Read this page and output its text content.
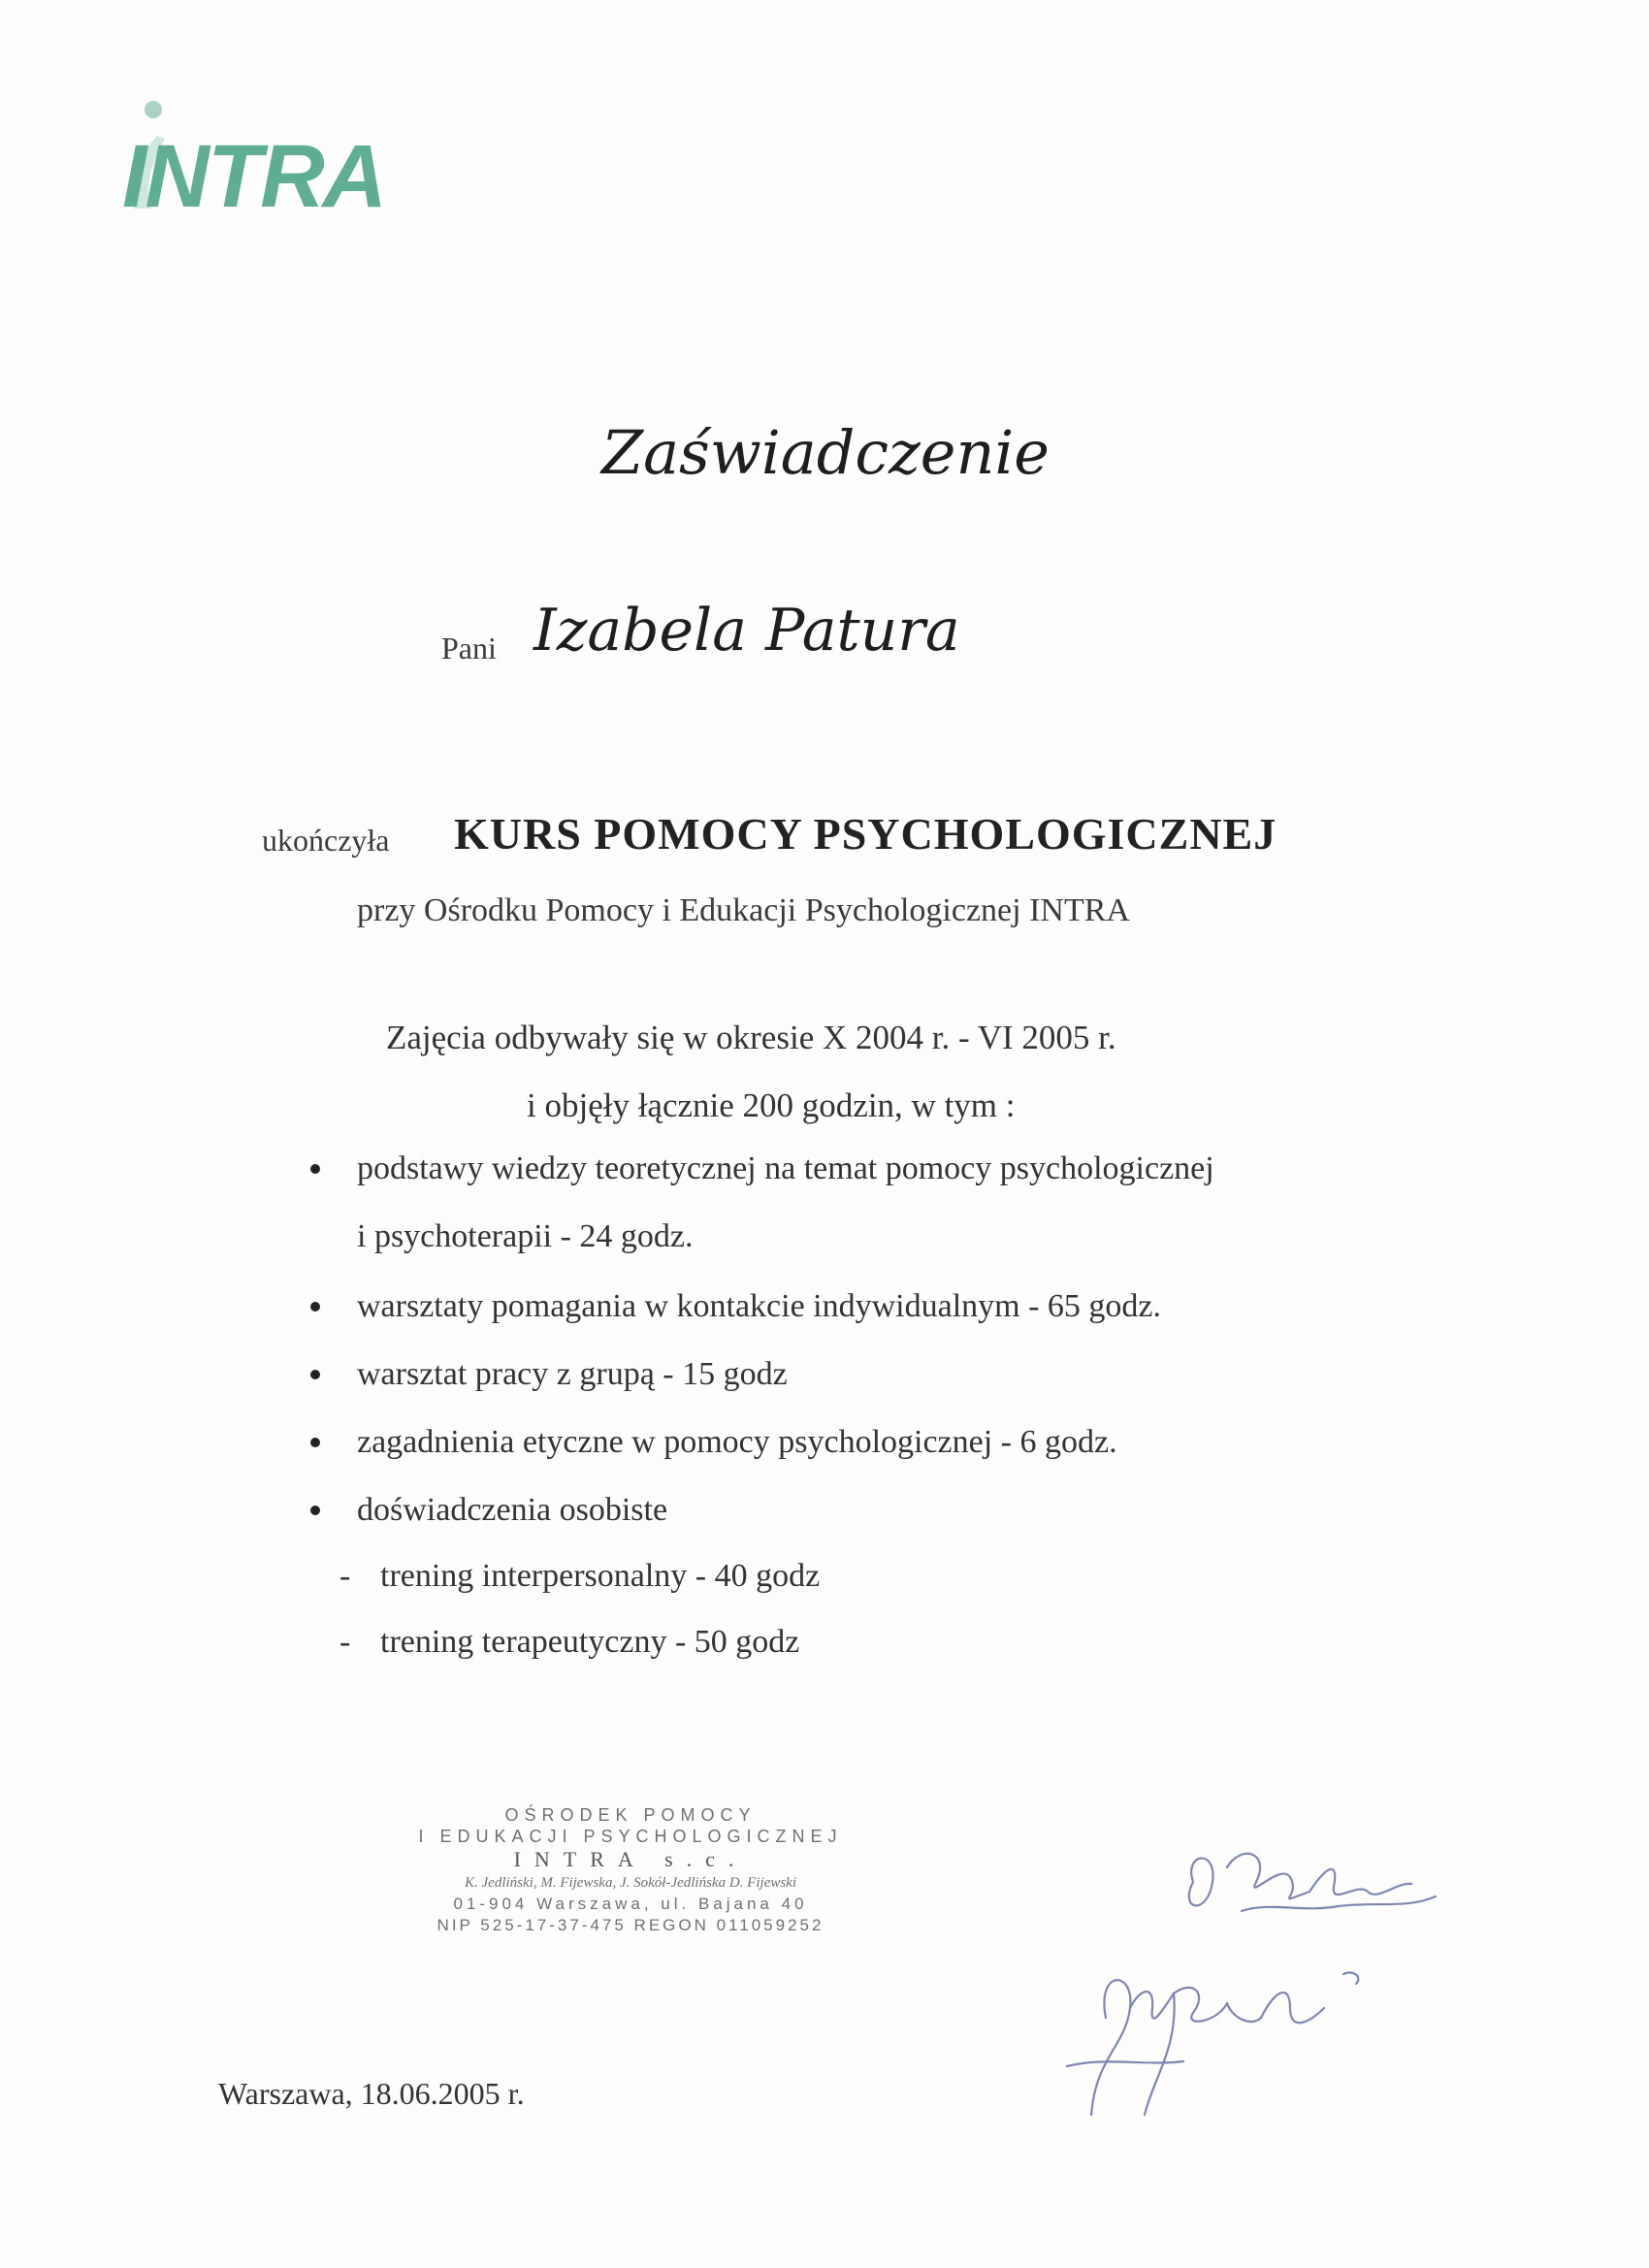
INTRA
Zaświadczenie
Pani Izabela Patura
ukończyła KURS POMOCY PSYCHOLOGICZNEJ
przy Ośrodku Pomocy i Edukacji Psychologicznej INTRA
Zajęcia odbywały się w okresie X 2004 r. - VI 2005 r.
i objęły łącznie 200 godzin, w tym :
podstawy wiedzy teoretycznej na temat pomocy psychologicznej
i psychoterapii - 24 godz.
warsztaty pomagania w kontakcie indywidualnym - 65 godz.
warsztat pracy z grupą - 15 godz
zagadnienia etyczne w pomocy psychologicznej - 6 godz.
doświadczenia osobiste
- trening interpersonalny - 40 godz
- trening terapeutyczny - 50 godz
OŚRODEK POMOCY
I EDUKACJI PSYCHOLOGICZNEJ
INTRA s.c.
K. Jedliński, M. Fijewska, J. Sokół-Jedlińska D. Fijewski
01-904 Warszawa, ul. Bajana 40
NIP 525-17-37-475 REGON 011059252
Warszawa, 18.06.2005 r.
